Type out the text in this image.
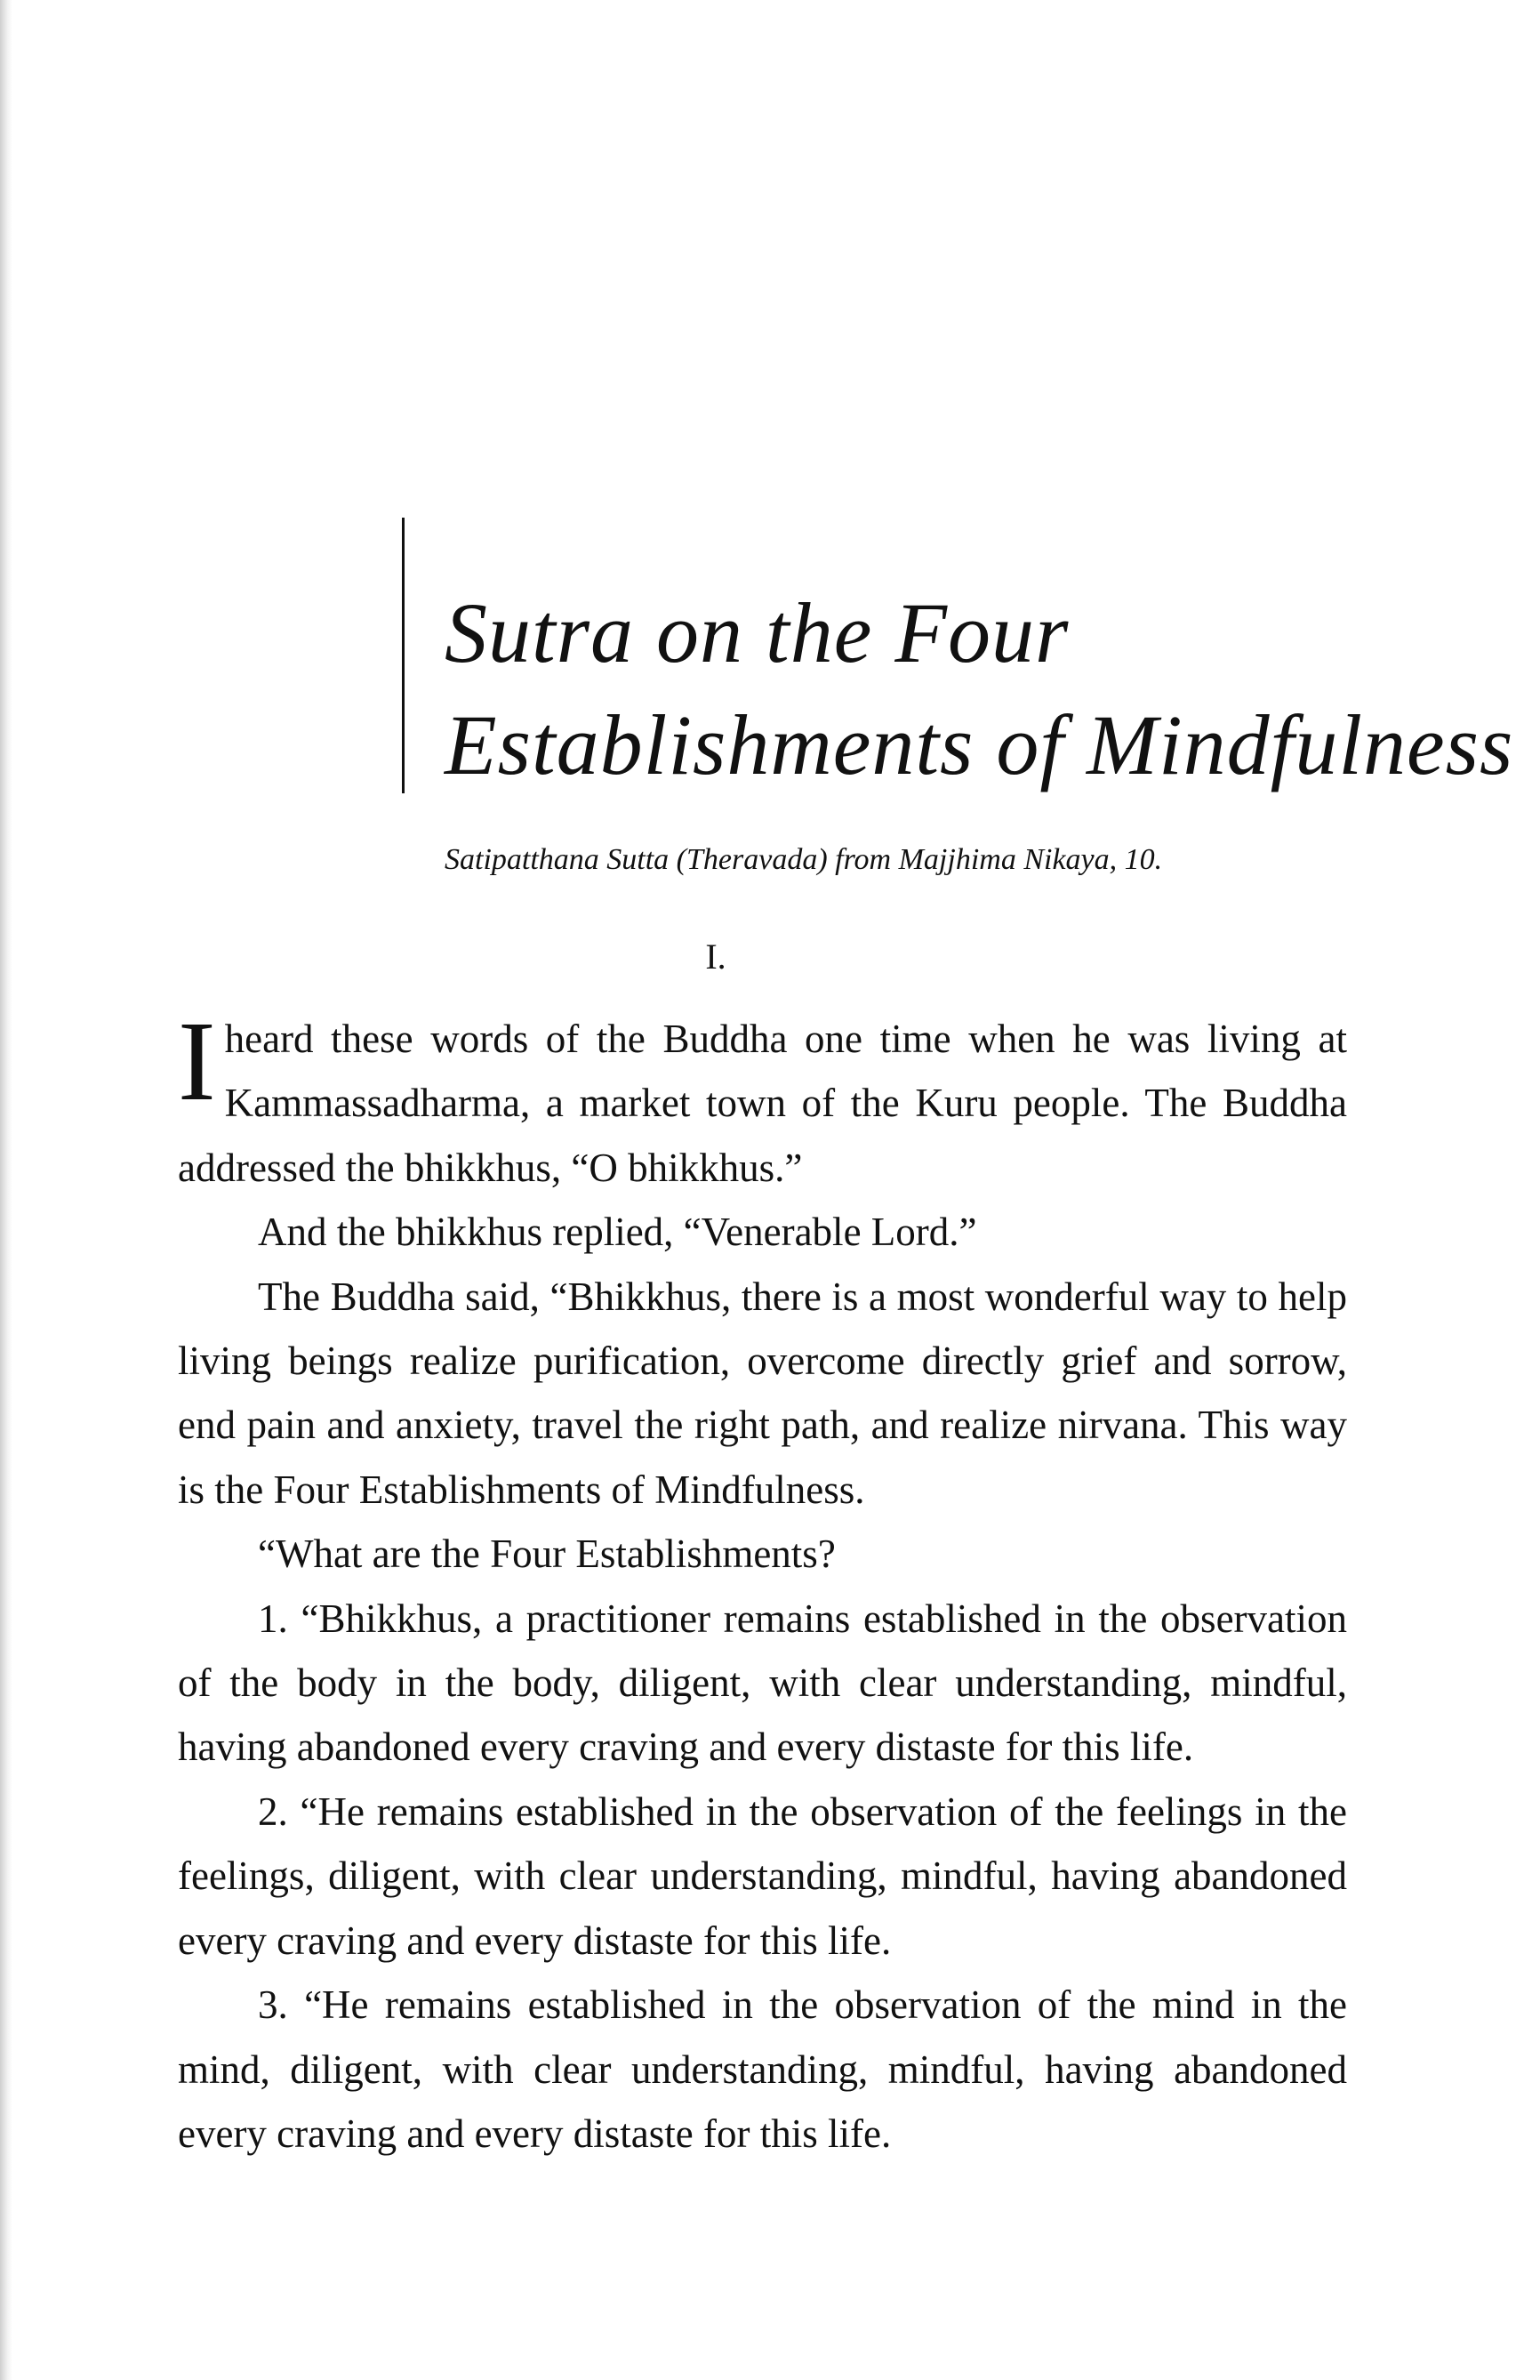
Sutra on the Four
Establishments of Mindfulness
Satipatthana Sutta (Theravada) from Majjhima Nikaya, 10.
I.

I heard these words of the Buddha one time when he was living at Kammassadharma, a market town of the Kuru people. The Buddha addressed the bhikkhus, “O bhikkhus.”

And the bhikkhus replied, “Venerable Lord.”

The Buddha said, “Bhikkhus, there is a most wonderful way to help living beings realize purification, overcome directly grief and sorrow, end pain and anxiety, travel the right path, and realize nirvana. This way is the Four Establishments of Mindfulness.

“What are the Four Establishments?

1. “Bhikkhus, a practitioner remains established in the observation of the body in the body, diligent, with clear understanding, mindful, having abandoned every craving and every distaste for this life.

2. “He remains established in the observation of the feelings in the feelings, diligent, with clear understanding, mindful, having abandoned every craving and every distaste for this life.

3. “He remains established in the observation of the mind in the mind, diligent, with clear understanding, mindful, having abandoned every craving and every distaste for this life.
